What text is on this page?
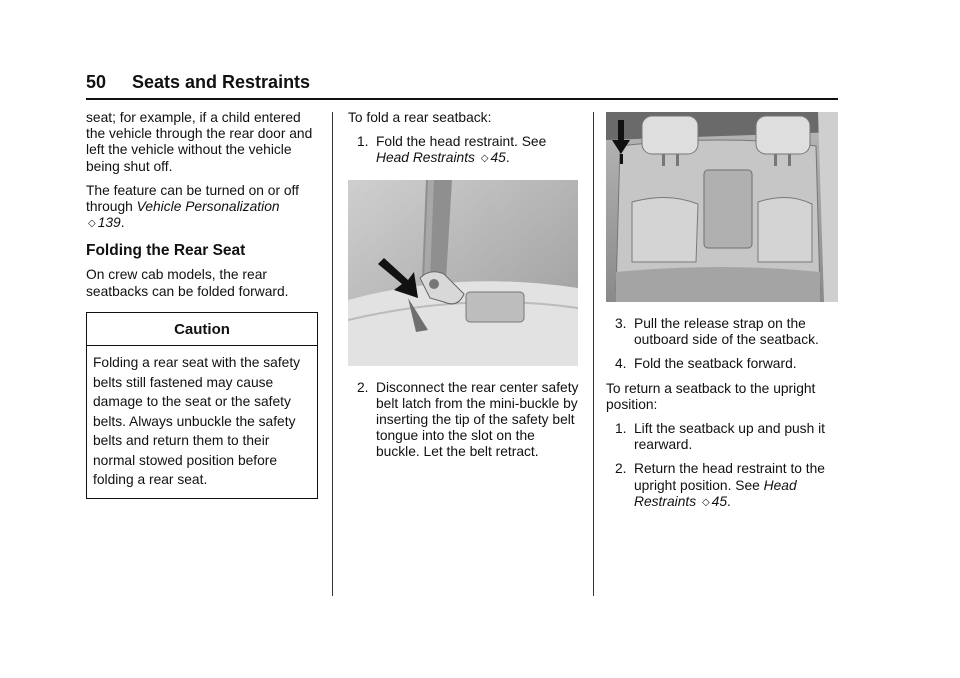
50 Seats and Restraints

seat; for example, if a child entered the vehicle through the rear door and left the vehicle without the vehicle being shut off.

The feature can be turned on or off through Vehicle Personalization ◇ 139.

Folding the Rear Seat

On crew cab models, the rear seatbacks can be folded forward.

Caution
Folding a rear seat with the safety belts still fastened may cause damage to the seat or the safety belts. Always unbuckle the safety belts and return them to their normal stowed position before folding a rear seat.

To fold a rear seatback:

1. Fold the head restraint. See Head Restraints ◇ 45.
2. Disconnect the rear center safety belt latch from the mini-buckle by inserting the tip of the safety belt tongue into the slot on the buckle. Let the belt retract.
3. Pull the release strap on the outboard side of the seatback.
4. Fold the seatback forward.

To return a seatback to the upright position:

1. Lift the seatback up and push it rearward.
2. Return the head restraint to the upright position. See Head Restraints ◇ 45.
